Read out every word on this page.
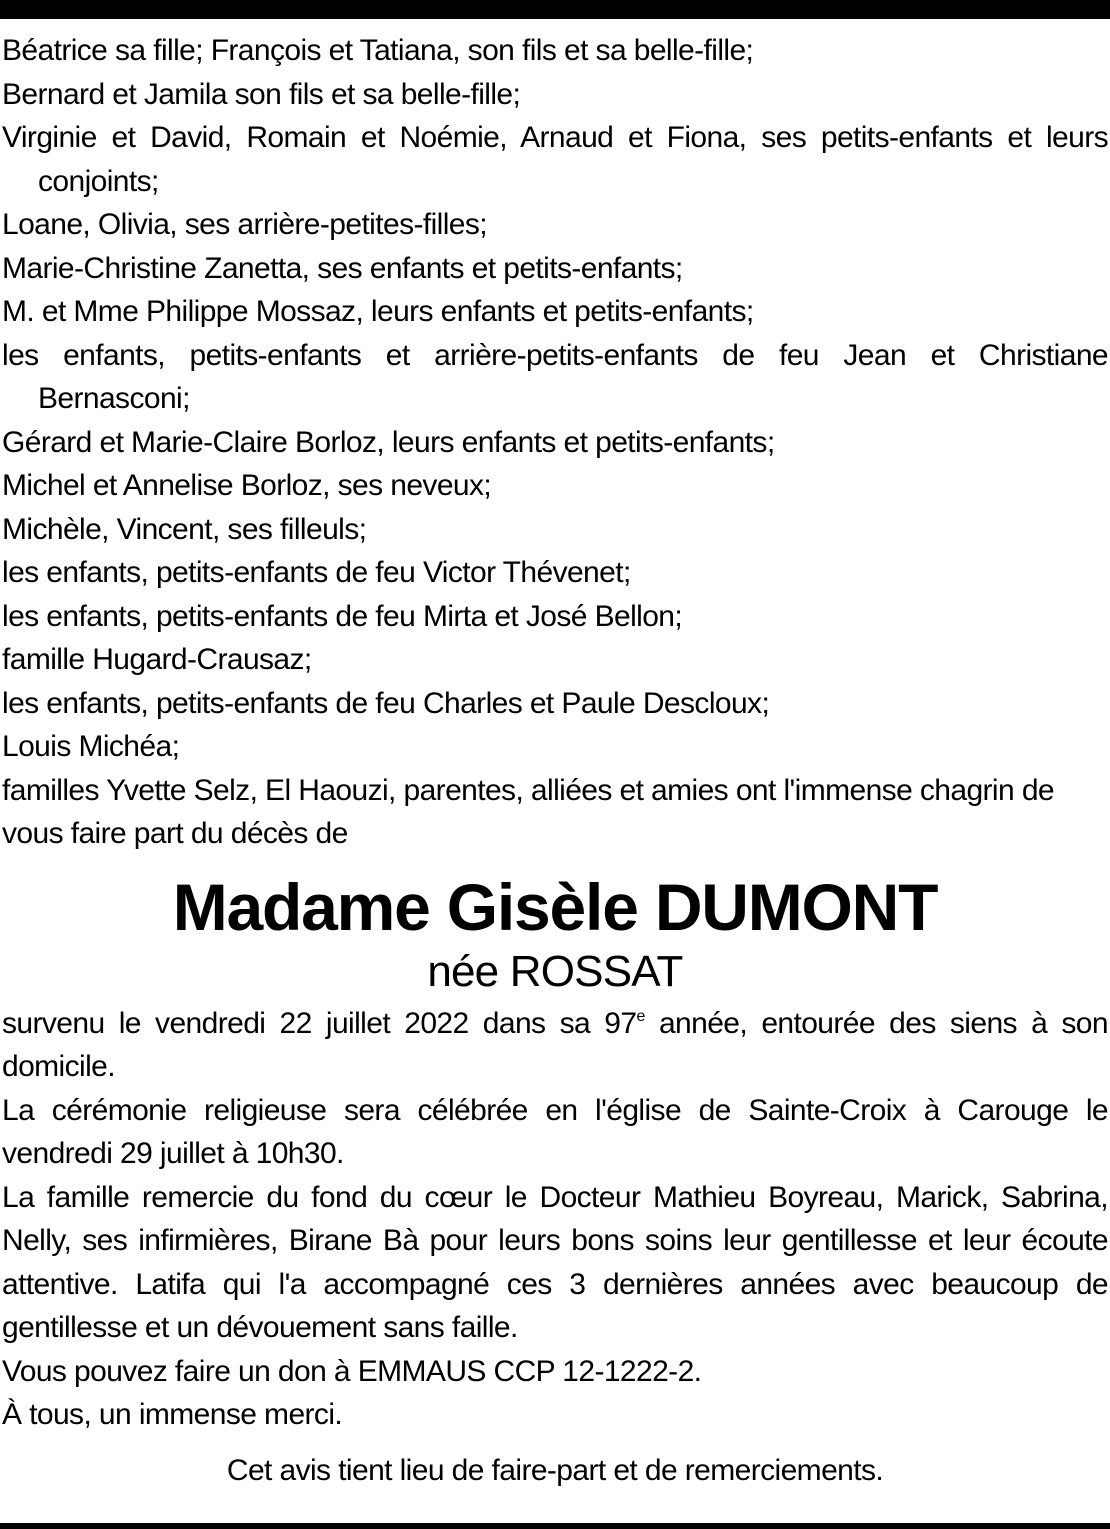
Béatrice sa fille; François et Tatiana, son fils et sa belle-fille;
Bernard et Jamila son fils et sa belle-fille;
Virginie et David, Romain et Noémie, Arnaud et Fiona, ses petits-enfants et leurs conjoints;
Loane, Olivia, ses arrière-petites-filles;
Marie-Christine Zanetta, ses enfants et petits-enfants;
M. et Mme Philippe Mossaz, leurs enfants et petits-enfants;
les enfants, petits-enfants et arrière-petits-enfants de feu Jean et Christiane Bernasconi;
Gérard et Marie-Claire Borloz, leurs enfants et petits-enfants;
Michel et Annelise Borloz, ses neveux;
Michèle, Vincent, ses filleuls;
les enfants, petits-enfants de feu Victor Thévenet;
les enfants, petits-enfants de feu Mirta et José Bellon;
famille Hugard-Crausaz;
les enfants, petits-enfants de feu Charles et Paule Descloux;
Louis Michéa;

familles Yvette Selz, El Haouzi, parentes, alliées et amies ont l'immense chagrin de vous faire part du décès de

Madame Gisèle DUMONT
née ROSSAT

survenu le vendredi 22 juillet 2022 dans sa 97e année, entourée des siens à son domicile.

La cérémonie religieuse sera célébrée en l'église de Sainte-Croix à Carouge le vendredi 29 juillet à 10h30.

La famille remercie du fond du cœur le Docteur Mathieu Boyreau, Marick, Sabrina, Nelly, ses infirmières, Birane Bà pour leurs bons soins leur gentillesse et leur écoute attentive. Latifa qui l'a accompagné ces 3 dernières années avec beaucoup de gentillesse et un dévouement sans faille.

Vous pouvez faire un don à EMMAUS CCP 12-1222-2.

À tous, un immense merci.

Cet avis tient lieu de faire-part et de remerciements.
